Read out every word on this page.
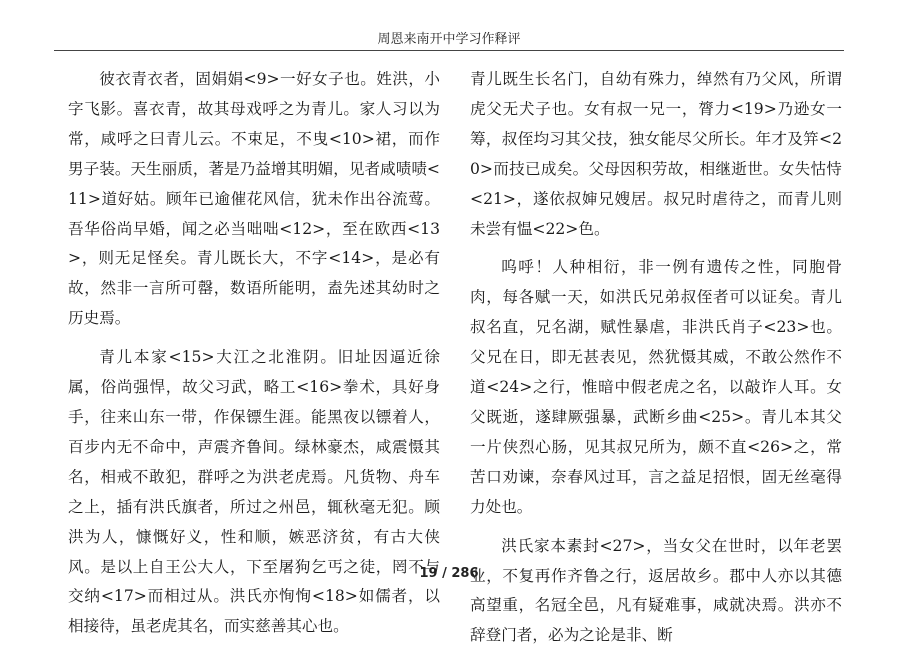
周恩来南开中学习作释评

彼衣青衣者，固娟娟<9>一好女子也。姓洪，小字飞影。喜衣青，故其母戏呼之为青儿。家人习以为常，咸呼之曰青儿云。不束足，不曳<10>裙，而作男子装。天生丽质，著是乃益增其明媚，见者咸啧啧<11>道好姑。顾年已逾催花风信，犹未作出谷流莺。吾华俗尚早婚，闻之必当咄咄<12>，至在欧西<13>，则无足怪矣。青儿既长大，不字<14>，是必有故，然非一言所可罄，数语所能明，盍先述其幼时之历史焉。

青儿本家<15>大江之北淮阴。旧址因逼近徐属，俗尚强悍，故父习武，略工<16>拳术，具好身手，往来山东一带，作保镖生涯。能黑夜以镖着人，百步内无不命中，声震齐鲁间。绿林豪杰，咸震慑其名，相戒不敢犯，群呼之为洪老虎焉。凡货物、舟车之上，插有洪氏旗者，所过之州邑，辄秋毫无犯。顾洪为人，慷慨好义，性和顺，嫉恶济贫，有古大侠风。是以上自王公大人，下至屠狗乞丐之徒，罔不与交纳<17>而相过从。洪氏亦恂恂<18>如儒者，以相接待，虽老虎其名，而实慈善其心也。

青儿既生长名门，自幼有殊力，绰然有乃父风，所谓虎父无犬子也。女有叔一兄一，膂力<19>乃逊女一筹，叔侄均习其父技，独女能尽父所长。年才及笄<20>而技已成矣。父母因积劳故，相继逝世。女失怙恃<21>，遂依叔婶兄嫂居。叔兄时虐待之，而青儿则未尝有愠<22>色。

呜呼！人种相衍，非一例有遗传之性，同胞骨肉，每各赋一天，如洪氏兄弟叔侄者可以证矣。青儿叔名直，兄名湖，赋性暴虐，非洪氏肖子<23>也。父兄在日，即无甚表见，然犹慑其威，不敢公然作不道<24>之行，惟暗中假老虎之名，以敲诈人耳。女父既逝，遂肆厥强暴，武断乡曲<25>。青儿本其父一片侠烈心肠，见其叔兄所为，颇不直<26>之，常苦口劝谏，奈春风过耳，言之益足招恨，固无丝毫得力处也。

洪氏家本素封<27>，当女父在世时，以年老罢业，不复再作齐鲁之行，返居故乡。郡中人亦以其德高望重，名冠全邑，凡有疑难事，咸就决焉。洪亦不辞登门者，必为之论是非、断

19 / 286
